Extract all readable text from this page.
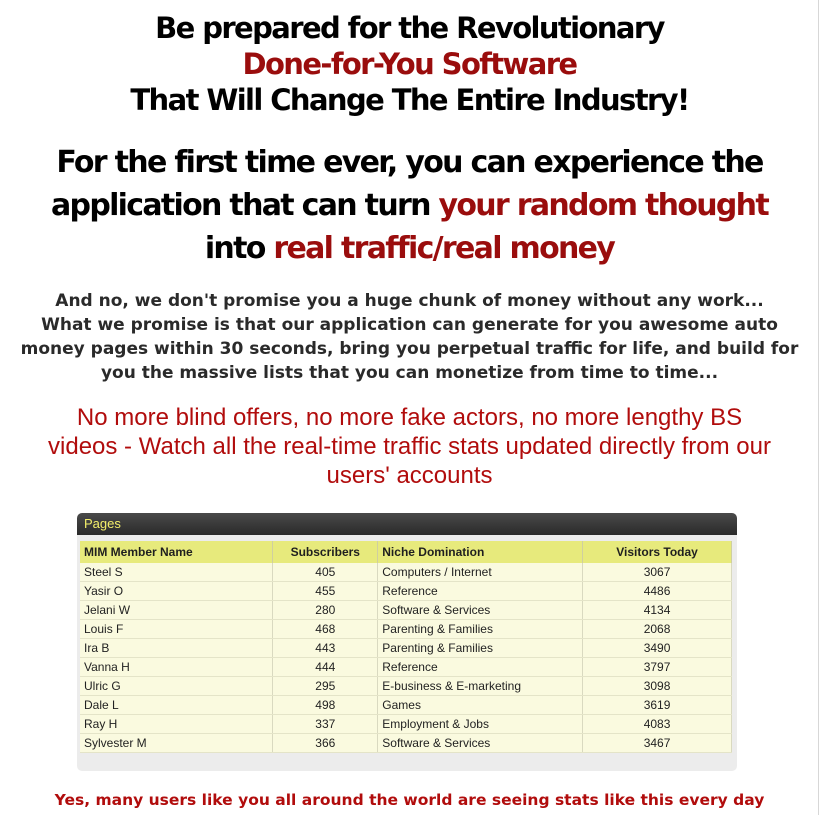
Be prepared for the Revolutionary
Done-for-You Software
That Will Change The Entire Industry!
For the first time ever, you can experience the
application that can turn your random thought
into real traffic/real money
And no, we don't promise you a huge chunk of money without any work...
What we promise is that our application can generate for you awesome auto
money pages within 30 seconds, bring you perpetual traffic for life, and build for
you the massive lists that you can monetize from time to time...
No more blind offers, no more fake actors, no more lengthy BS
videos - Watch all the real-time traffic stats updated directly from our
users' accounts
Pages
MIM Member Name	Subscribers	Niche Domination	Visitors Today
Steel S	405	Computers / Internet	3067
Yasir O	455	Reference	4486
Jelani W	280	Software & Services	4134
Louis F	468	Parenting & Families	2068
Ira B	443	Parenting & Families	3490
Vanna H	444	Reference	3797
Ulric G	295	E-business & E-marketing	3098
Dale L	498	Games	3619
Ray H	337	Employment & Jobs	4083
Sylvester M	366	Software & Services	3467
Yes, many users like you all around the world are seeing stats like this every day
